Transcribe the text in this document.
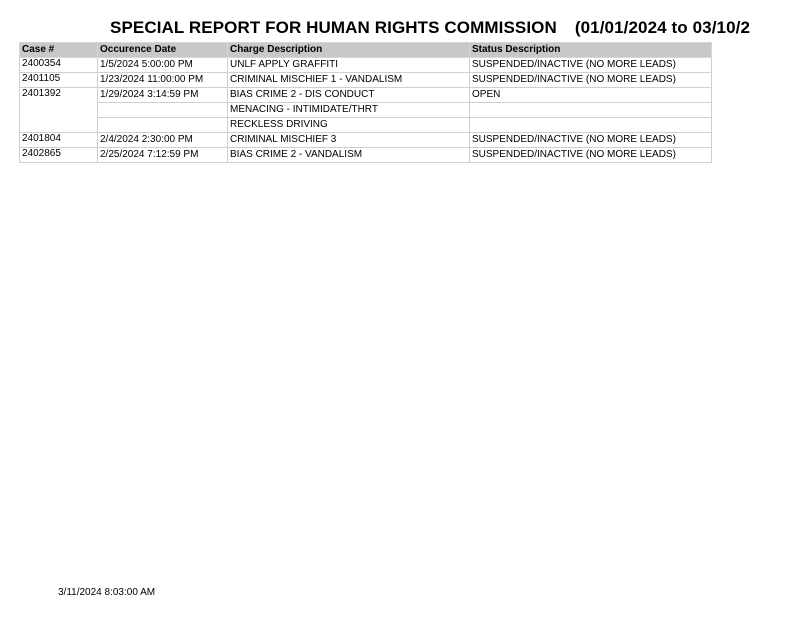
SPECIAL REPORT FOR HUMAN RIGHTS COMMISSION (01/01/2024 to 03/10/2
Case #	Occurence Date	Charge Description	Status Description
2400354	1/5/2024 5:00:00 PM	UNLF APPLY GRAFFITI	SUSPENDED/INACTIVE (NO MORE LEADS)
2401105	1/23/2024 11:00:00 PM	CRIMINAL MISCHIEF 1 - VANDALISM	SUSPENDED/INACTIVE (NO MORE LEADS)
2401392	1/29/2024 3:14:59 PM	BIAS CRIME 2 - DIS CONDUCT	OPEN
		MENACING - INTIMIDATE/THRT	
		RECKLESS DRIVING	
2401804	2/4/2024 2:30:00 PM	CRIMINAL MISCHIEF 3	SUSPENDED/INACTIVE (NO MORE LEADS)
2402865	2/25/2024 7:12:59 PM	BIAS CRIME 2 - VANDALISM	SUSPENDED/INACTIVE (NO MORE LEADS)
3/11/2024 8:03:00 AM
